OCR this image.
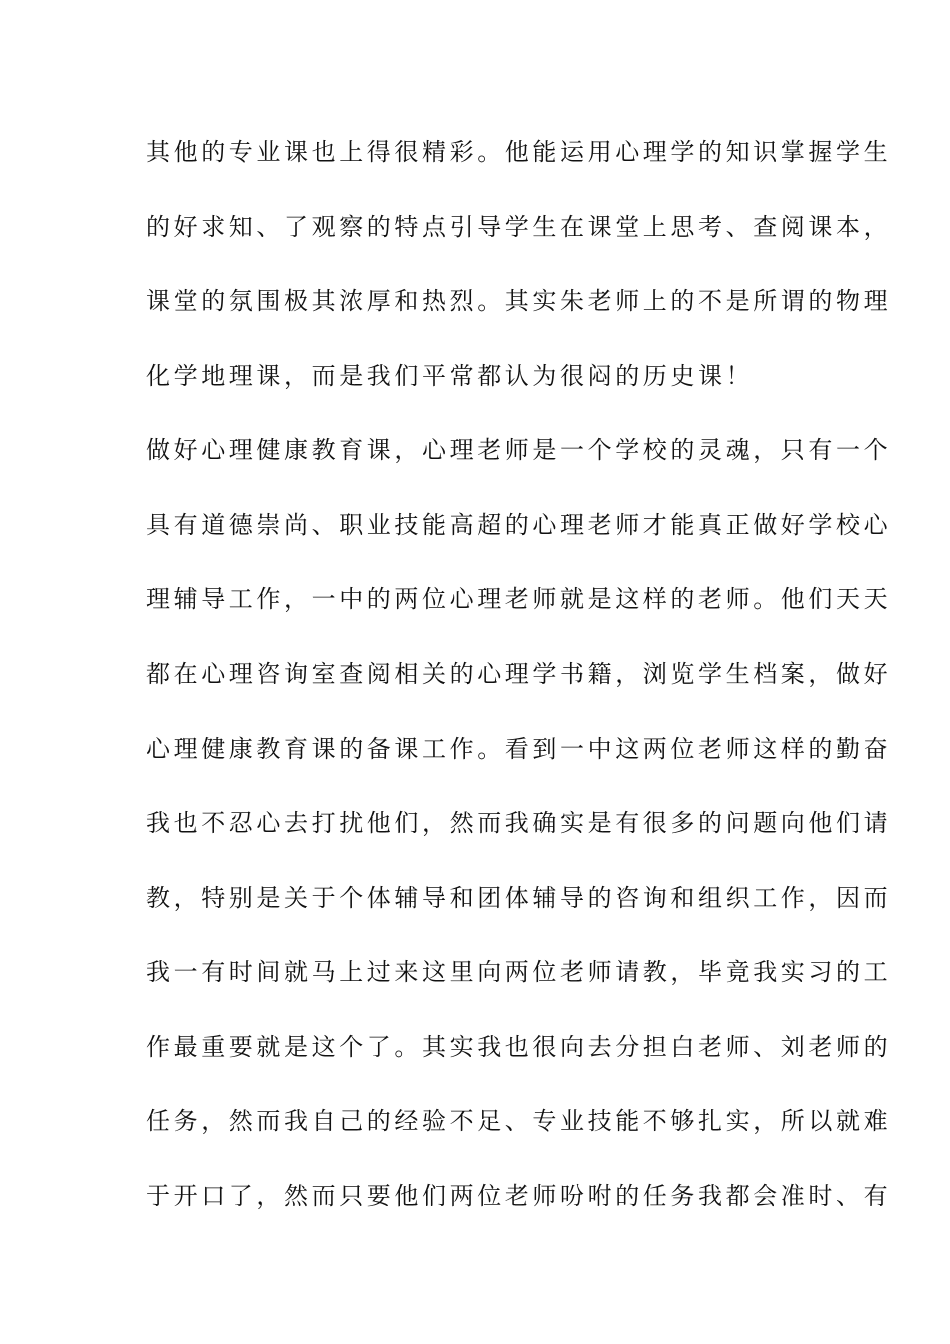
其他的专业课也上得很精彩。他能运用心理学的知识掌握学生
的好求知、了观察的特点引导学生在课堂上思考、查阅课本，
课堂的氛围极其浓厚和热烈。其实朱老师上的不是所谓的物理
化学地理课，而是我们平常都认为很闷的历史课！
做好心理健康教育课，心理老师是一个学校的灵魂，只有一个
具有道德崇尚、职业技能高超的心理老师才能真正做好学校心
理辅导工作，一中的两位心理老师就是这样的老师。他们天天
都在心理咨询室查阅相关的心理学书籍，浏览学生档案，做好
心理健康教育课的备课工作。看到一中这两位老师这样的勤奋
我也不忍心去打扰他们，然而我确实是有很多的问题向他们请
教，特别是关于个体辅导和团体辅导的咨询和组织工作，因而
我一有时间就马上过来这里向两位老师请教，毕竟我实习的工
作最重要就是这个了。其实我也很向去分担白老师、刘老师的
任务，然而我自己的经验不足、专业技能不够扎实，所以就难
于开口了，然而只要他们两位老师吩咐的任务我都会准时、有
